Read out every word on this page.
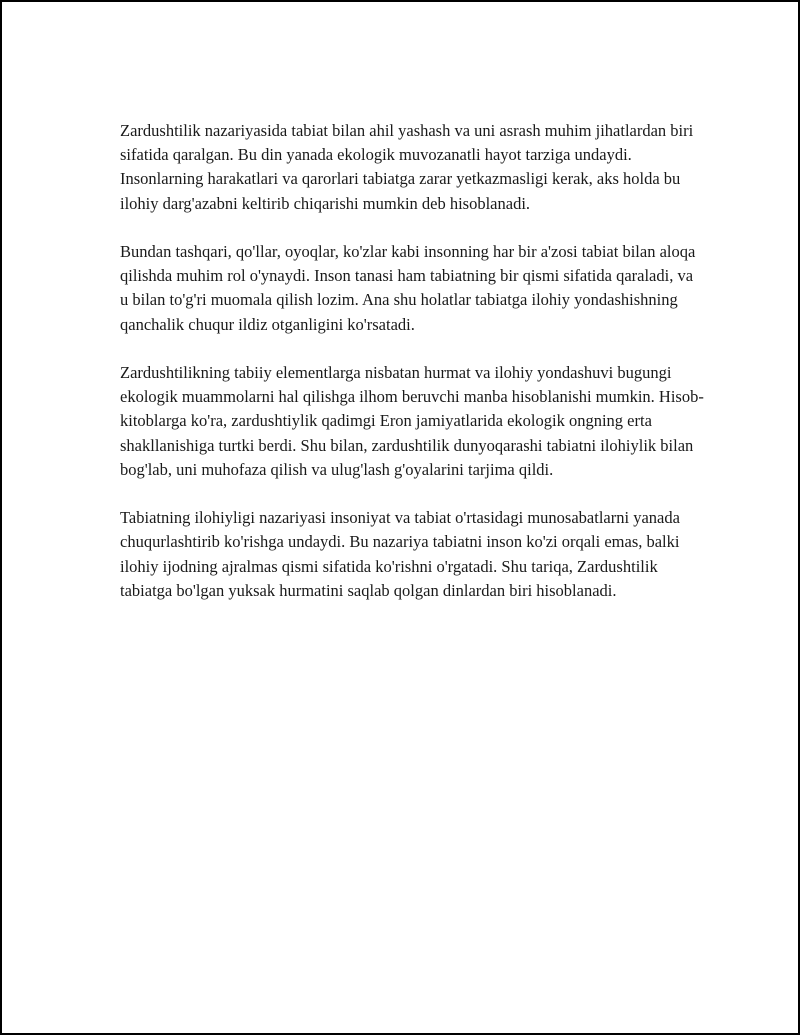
Zardushtilik nazariyasida tabiat bilan ahil yashash va uni asrash muhim jihatlardan biri sifatida qaralgan. Bu din yanada ekologik muvozanatli hayot tarziga undaydi. Insonlarning harakatlari va qarorlari tabiatga zarar yetkazmasligi kerak, aks holda bu ilohiy darg'azabni keltirib chiqarishi mumkin deb hisoblanadi.

Bundan tashqari, qo'llar, oyoqlar, ko'zlar kabi insonning har bir a'zosi tabiat bilan aloqa qilishda muhim rol o'ynaydi. Inson tanasi ham tabiatning bir qismi sifatida qaraladi, va u bilan to'g'ri muomala qilish lozim. Ana shu holatlar tabiatga ilohiy yondashishning qanchalik chuqur ildiz otganligini ko'rsatadi.

Zardushtilikning tabiiy elementlarga nisbatan hurmat va ilohiy yondashuvi bugungi ekologik muammolarni hal qilishga ilhom beruvchi manba hisoblanishi mumkin. Hisob-kitoblarga ko'ra, zardushtiylik qadimgi Eron jamiyatlarida ekologik ongning erta shakllanishiga turtki berdi. Shu bilan, zardushtilik dunyoqarashi tabiatni ilohiylik bilan bog'lab, uni muhofaza qilish va ulug'lash g'oyalarini tarjima qildi.

Tabiatning ilohiyligi nazariyasi insoniyat va tabiat o'rtasidagi munosabatlarni yanada chuqurlashtirib ko'rishga undaydi. Bu nazariya tabiatni inson ko'zi orqali emas, balki ilohiy ijodning ajralmas qismi sifatida ko'rishni o'rgatadi. Shu tariqa, Zardushtilik tabiatga bo'lgan yuksak hurmatini saqlab qolgan dinlardan biri hisoblanadi.
